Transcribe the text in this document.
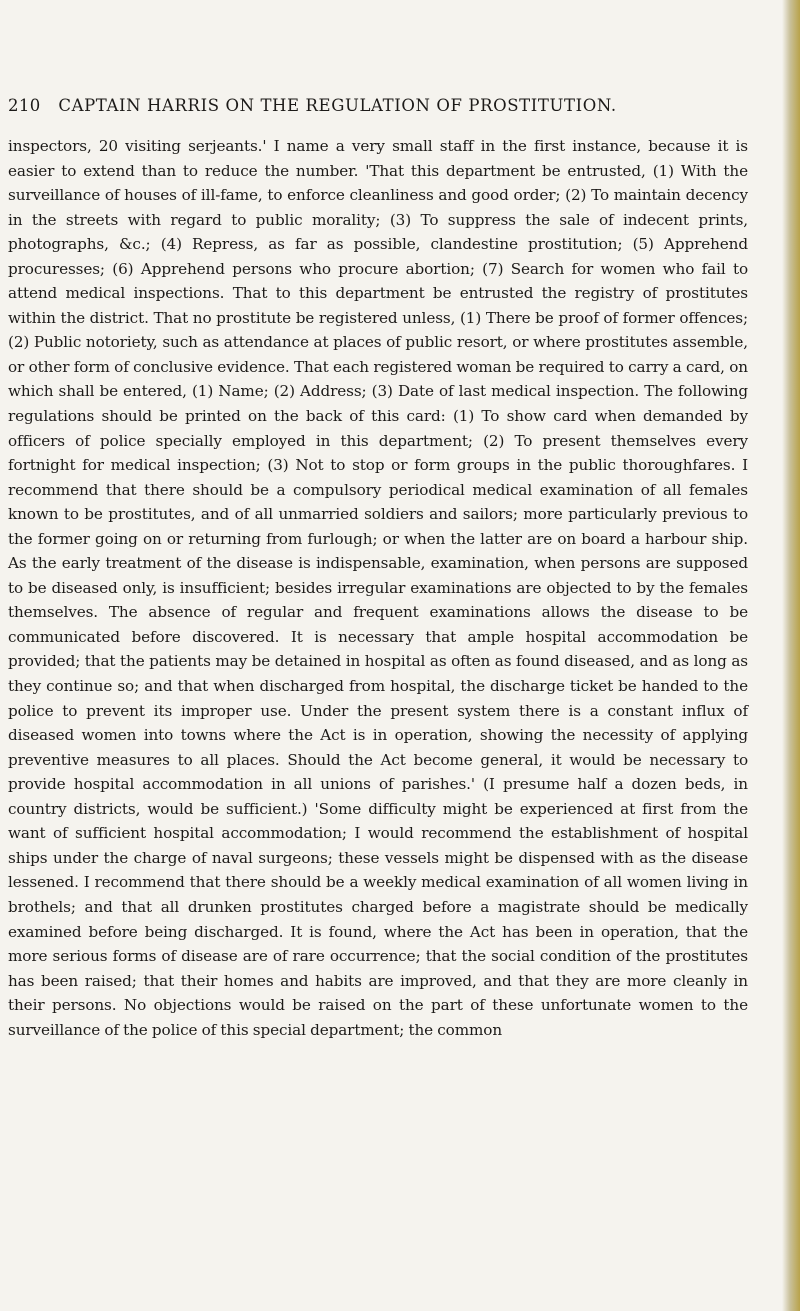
210 CAPTAIN HARRIS ON THE REGULATION OF PROSTITUTION.
inspectors, 20 visiting serjeants.' I name a very small staff in the first instance, because it is easier to extend than to reduce the number. 'That this department be entrusted, (1) With the surveillance of houses of ill-fame, to enforce cleanliness and good order; (2) To maintain decency in the streets with regard to public morality; (3) To suppress the sale of indecent prints, photographs, &c.; (4) Repress, as far as possible, clandestine prostitution; (5) Apprehend procuresses; (6) Apprehend persons who procure abortion; (7) Search for women who fail to attend medical inspections. That to this department be entrusted the registry of prostitutes within the district. That no prostitute be registered unless, (1) There be proof of former offences; (2) Public notoriety, such as attendance at places of public resort, or where prostitutes assemble, or other form of conclusive evidence. That each registered woman be required to carry a card, on which shall be entered, (1) Name; (2) Address; (3) Date of last medical inspection. The following regulations should be printed on the back of this card: (1) To show card when demanded by officers of police specially employed in this department; (2) To present themselves every fortnight for medical inspection; (3) Not to stop or form groups in the public thoroughfares. I recommend that there should be a compulsory periodical medical examination of all females known to be prostitutes, and of all unmarried soldiers and sailors; more particularly previous to the former going on or returning from furlough; or when the latter are on board a harbour ship. As the early treatment of the disease is indispensable, examination, when persons are supposed to be diseased only, is insufficient; besides irregular examinations are objected to by the females themselves. The absence of regular and frequent examinations allows the disease to be communicated before discovered. It is necessary that ample hospital accommodation be provided; that the patients may be detained in hospital as often as found diseased, and as long as they continue so; and that when discharged from hospital, the discharge ticket be handed to the police to prevent its improper use. Under the present system there is a constant influx of diseased women into towns where the Act is in operation, showing the necessity of applying preventive measures to all places. Should the Act become general, it would be necessary to provide hospital accommodation in all unions of parishes.' (I presume half a dozen beds, in country districts, would be sufficient.) 'Some difficulty might be experienced at first from the want of sufficient hospital accommodation; I would recommend the establishment of hospital ships under the charge of naval surgeons; these vessels might be dispensed with as the disease lessened. I recommend that there should be a weekly medical examination of all women living in brothels; and that all drunken prostitutes charged before a magistrate should be medically examined before being discharged. It is found, where the Act has been in operation, that the more serious forms of disease are of rare occurrence; that the social condition of the prostitutes has been raised; that their homes and habits are improved, and that they are more cleanly in their persons. No objections would be raised on the part of these unfortunate women to the surveillance of the police of this special department; the common
